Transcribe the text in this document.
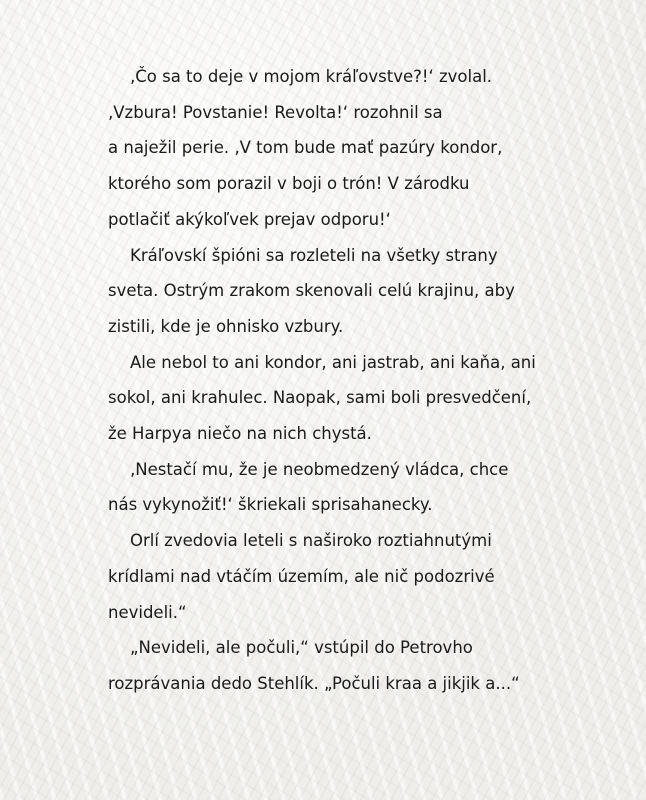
‚Čo sa to deje v mojom kráľovstve?!‘ zvolal.
‚Vzbura! Povstanie! Revolta!‘ rozohnil sa
a naježil perie. ‚V tom bude mať pazúry kondor,
ktorého som porazil v boji o trón! V zárodku
potlačiť akýkoľvek prejav odporu!‘
Kráľovskí špióni sa rozleteli na všetky strany
sveta. Ostrým zrakom skenovali celú krajinu, aby
zistili, kde je ohnisko vzbury.
Ale nebol to ani kondor, ani jastrab, ani kaňa, ani
sokol, ani krahulec. Naopak, sami boli presvedčení,
že Harpya niečo na nich chystá.
‚Nestačí mu, že je neobmedzený vládca, chce
nás vykynožiť!‘ škriekali sprisahanecky.
Orlí zvedovia leteli s naširoko roztiahnutými
krídlami nad vtáčím územím, ale nič podozrivé
nevideli.“
„Nevideli, ale počuli,“ vstúpil do Petrovho
rozprávania dedo Stehlík. „Počuli kraa a jikjik a...“
